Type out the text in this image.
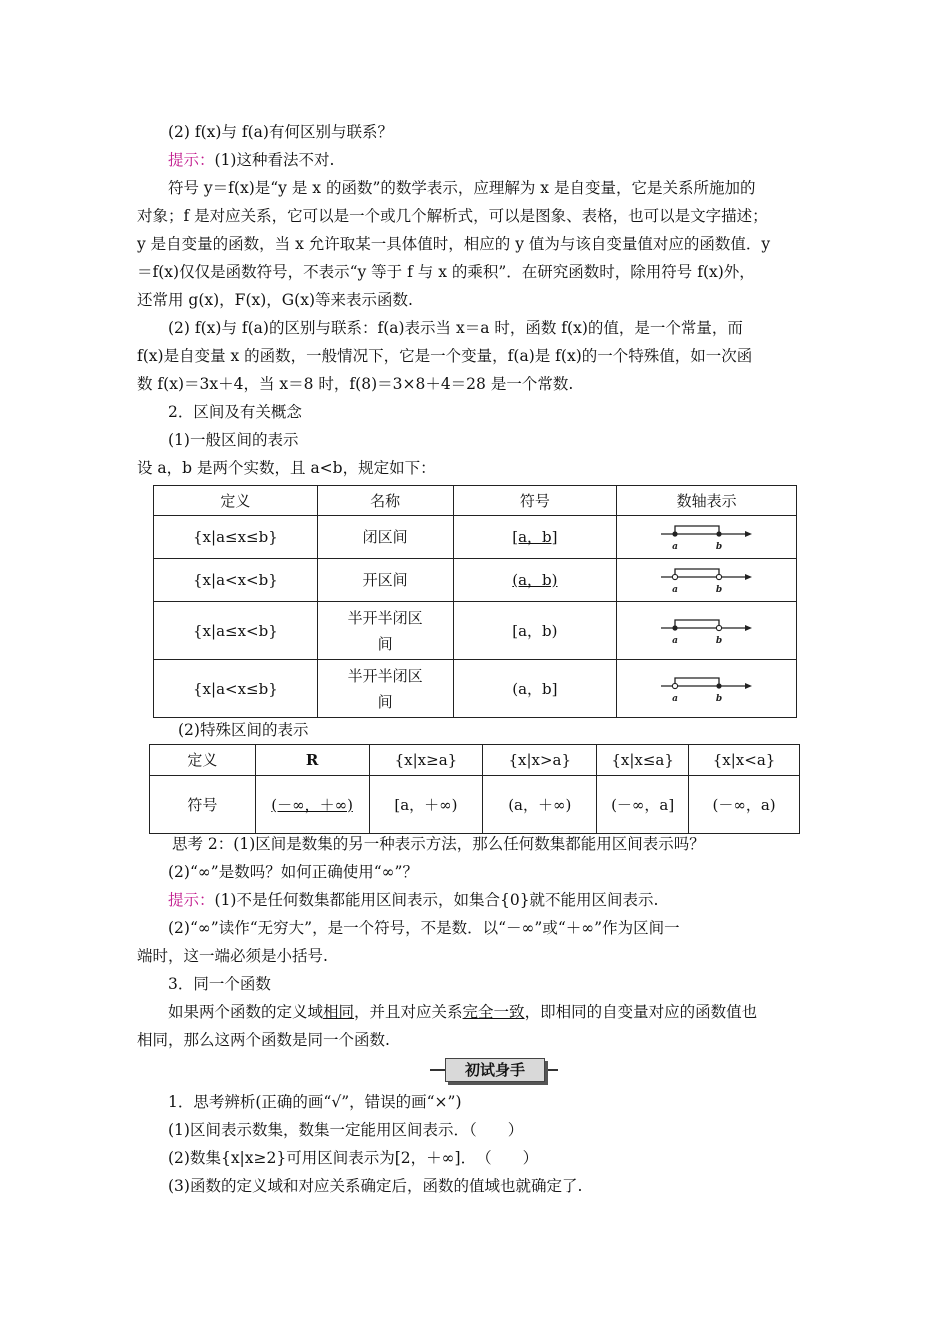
(2) f(x)与 f(a)有何区别与联系？
提示：(1)这种看法不对.
符号 y＝f(x)是“y 是 x 的函数”的数学表示，应理解为 x 是自变量，它是关系所施加的
对象；f 是对应关系，它可以是一个或几个解析式，可以是图象、表格，也可以是文字描述；
y 是自变量的函数，当 x 允许取某一具体值时，相应的 y 值为与该自变量值对应的函数值．y
＝f(x)仅仅是函数符号，不表示“y 等于 f 与 x 的乘积”．在研究函数时，除用符号 f(x)外，
还常用 g(x)，F(x)，G(x)等来表示函数.
(2) f(x)与 f(a)的区别与联系：f(a)表示当 x＝a 时，函数 f(x)的值，是一个常量，而
f(x)是自变量 x 的函数，一般情况下，它是一个变量，f(a)是 f(x)的一个特殊值，如一次函
数 f(x)＝3x＋4，当 x＝8 时，f(8)＝3×8＋4＝28 是一个常数.
2．区间及有关概念
(1)一般区间的表示
设 a，b 是两个实数，且 a<b，规定如下：
定义	名称	符号	数轴表示
{x|a≤x≤b}	闭区间	[a，b]	a b

{x|a<x<b}	开区间	(a，b)	a b

{x|a≤x<b}	半开半闭区间	[a，b)	a b

{x|a<x≤b}	半开半闭区间	(a，b]	a b
(2)特殊区间的表示
定义	R	{x|x≥a}	{x|x>a}	{x|x≤a}	{x|x<a}
符号	(－∞，＋∞)	[a，＋∞)	(a，＋∞)	(－∞，a]	(－∞，a)
思考 2：(1)区间是数集的另一种表示方法，那么任何数集都能用区间表示吗？
(2)“∞”是数吗？如何正确使用“∞”？
提示：(1)不是任何数集都能用区间表示，如集合{0}就不能用区间表示.
(2)“∞”读作“无穷大”，是一个符号，不是数．以“－∞”或“＋∞”作为区间一
端时，这一端必须是小括号.
3．同一个函数
如果两个函数的定义域相同，并且对应关系完全一致，即相同的自变量对应的函数值也
相同，那么这两个函数是同一个函数.
初试身手
1．思考辨析(正确的画“√”，错误的画“×”)
(1)区间表示数集，数集一定能用区间表示．（　　）
(2)数集{x|x≥2}可用区间表示为[2，＋∞]．　（　　）
(3)函数的定义域和对应关系确定后，函数的值域也就确定了.
